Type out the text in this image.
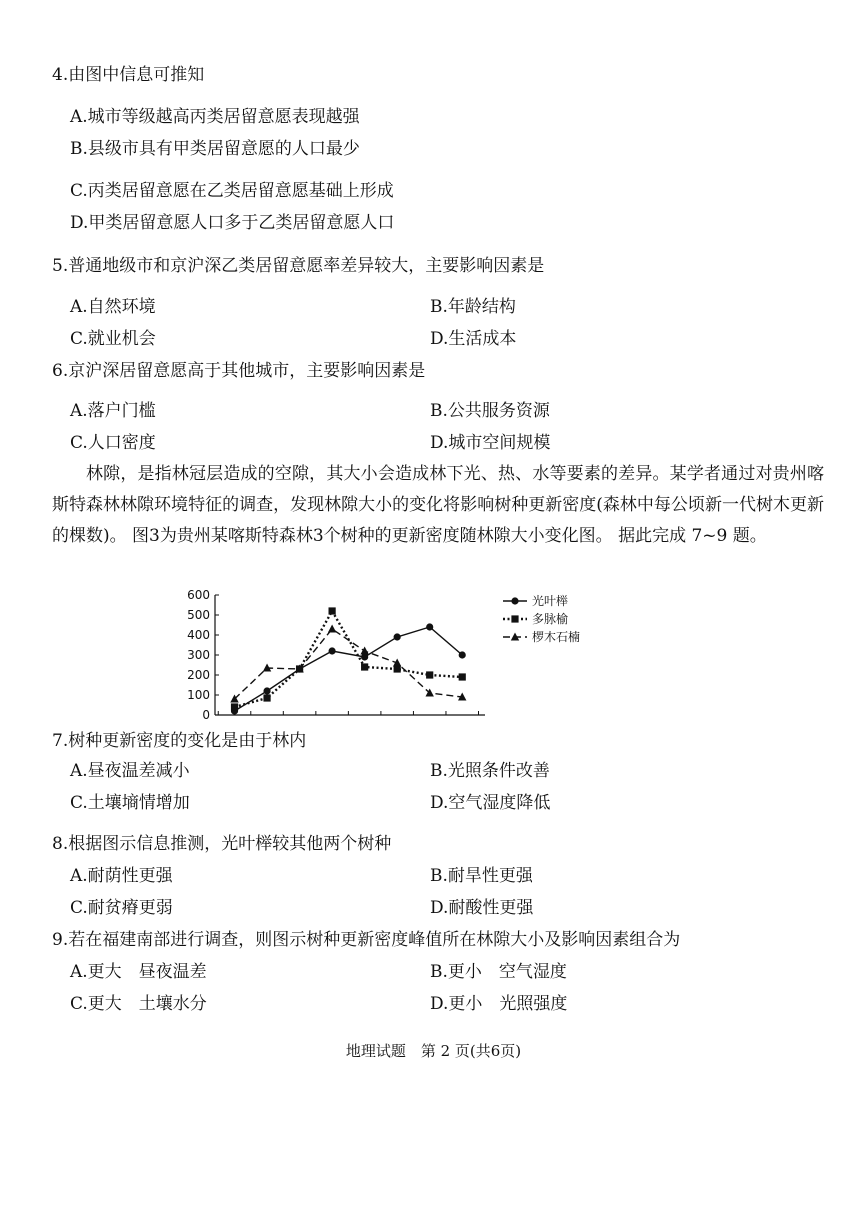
4.由图中信息可推知
A.城市等级越高丙类居留意愿表现越强
B.县级市具有甲类居留意愿的人口最少
C.丙类居留意愿在乙类居留意愿基础上形成
D.甲类居留意愿人口多于乙类居留意愿人口
5.普通地级市和京沪深乙类居留意愿率差异较大，主要影响因素是
A.自然环境	B.年龄结构
C.就业机会	D.生活成本
6.京沪深居留意愿高于其他城市，主要影响因素是
A.落户门槛	B.公共服务资源
C.人口密度	D.城市空间规模
林隙，是指林冠层造成的空隙，其大小会造成林下光、热、水等要素的差异。某学者通过对贵州喀斯特森林林隙环境特征的调查，发现林隙大小的变化将影响树种更新密度(森林中每公顷新一代树木更新的棵数)。 图3为贵州某喀斯特森林3个树种的更新密度随林隙大小变化图。 据此完成 7~9 题。
0
100
200
300
400
500
600	光叶榉
多脉榆
椤木石楠
7.树种更新密度的变化是由于林内
A.昼夜温差减小	B.光照条件改善
C.土壤墒情增加	D.空气湿度降低
8.根据图示信息推测，光叶榉较其他两个树种
A.耐荫性更强	B.耐旱性更强
C.耐贫瘠更弱	D.耐酸性更强
9.若在福建南部进行调查，则图示树种更新密度峰值所在林隙大小及影响因素组合为
A.更大　昼夜温差	B.更小　空气湿度
C.更大　土壤水分	D.更小　光照强度
地理试题　第 2 页(共6页)
